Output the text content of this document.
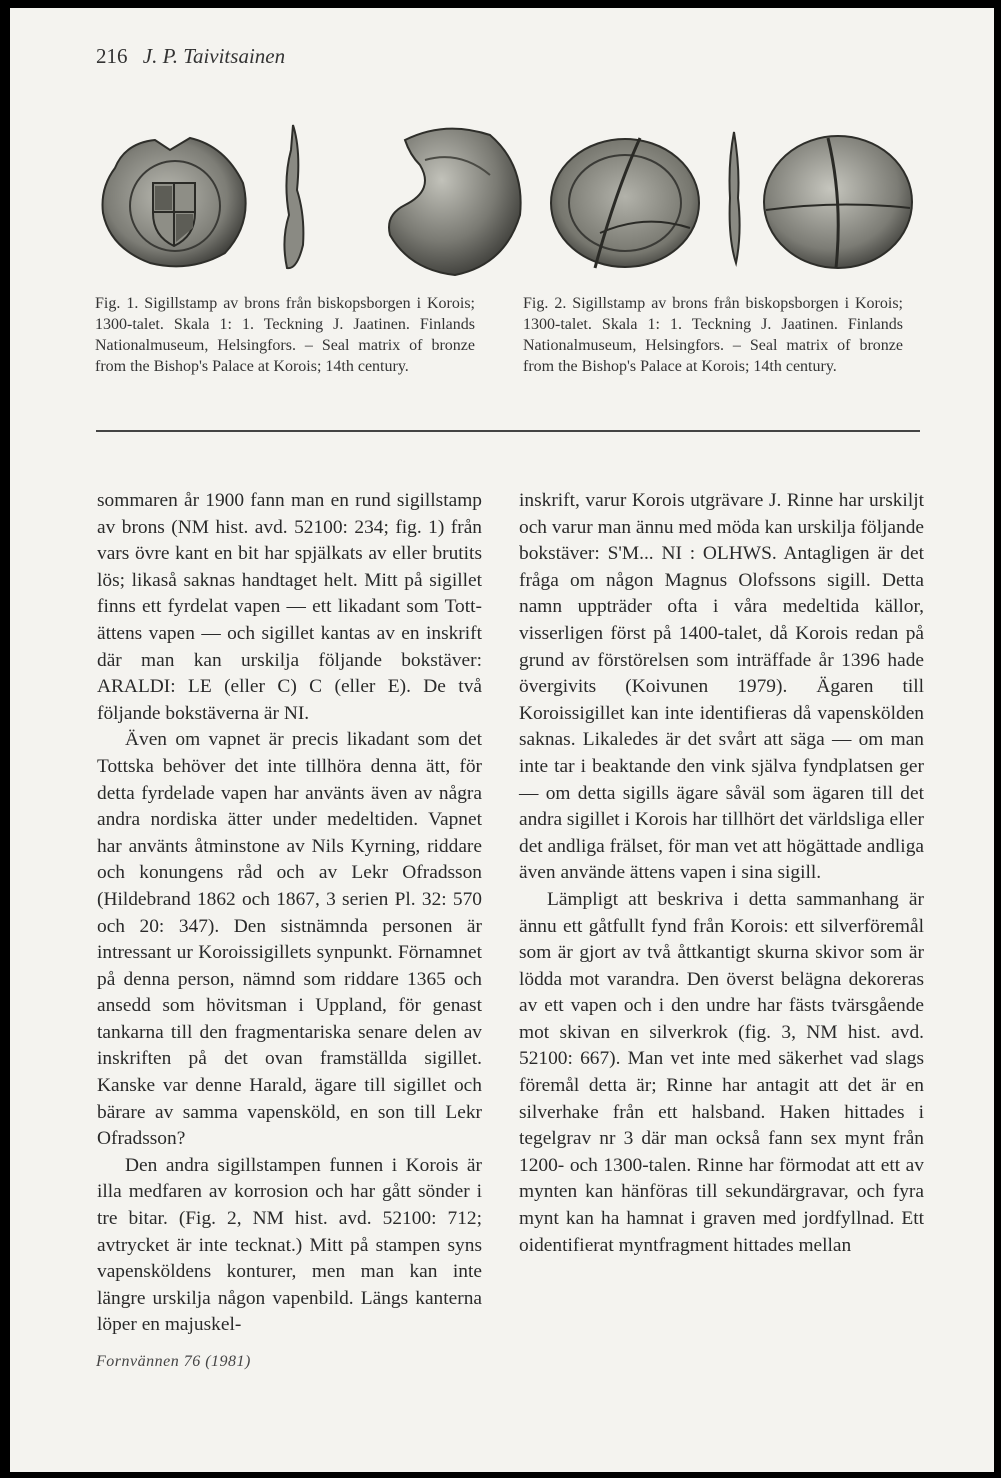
216 J. P. Taivitsainen
Fig. 1. Sigillstamp av brons från biskopsborgen i Korois; 1300-talet. Skala 1: 1. Teckning J. Jaatinen. Finlands Nationalmuseum, Helsingfors. – Seal matrix of bronze from the Bishop's Palace at Korois; 14th century.
Fig. 2. Sigillstamp av brons från biskopsborgen i Korois; 1300-talet. Skala 1: 1. Teckning J. Jaatinen. Finlands Nationalmuseum, Helsingfors. – Seal matrix of bronze from the Bishop's Palace at Korois; 14th century.

sommaren år 1900 fann man en rund sigillstamp av brons (NM hist. avd. 52100: 234; fig. 1) från vars övre kant en bit har spjälkats av eller brutits lös; likaså saknas handtaget helt. Mitt på sigillet finns ett fyrdelat vapen — ett likadant som Tott-ättens vapen — och sigillet kantas av en inskrift där man kan urskilja följande bokstäver: ARALDI: LE (eller C) C (eller E). De två följande bokstäverna är NI.

Även om vapnet är precis likadant som det Tottska behöver det inte tillhöra denna ätt, för detta fyrdelade vapen har använts även av några andra nordiska ätter under medeltiden. Vapnet har använts åtminstone av Nils Kyrning, riddare och konungens råd och av Lekr Ofradsson (Hildebrand 1862 och 1867, 3 serien Pl. 32: 570 och 20: 347). Den sistnämnda personen är intressant ur Koroissigillets synpunkt. Förnamnet på denna person, nämnd som riddare 1365 och ansedd som hövitsman i Uppland, för genast tankarna till den fragmentariska senare delen av inskriften på det ovan framställda sigillet. Kanske var denne Harald, ägare till sigillet och bärare av samma vapensköld, en son till Lekr Ofradsson?

Den andra sigillstampen funnen i Korois är illa medfaren av korrosion och har gått sönder i tre bitar. (Fig. 2, NM hist. avd. 52100: 712; avtrycket är inte tecknat.) Mitt på stampen syns vapensköldens konturer, men man kan inte längre urskilja någon vapenbild. Längs kanterna löper en majuskel-

inskrift, varur Korois utgrävare J. Rinne har urskiljt och varur man ännu med möda kan urskilja följande bokstäver: S'M... NI : OLHWS. Antagligen är det fråga om någon Magnus Olofssons sigill. Detta namn uppträder ofta i våra medeltida källor, visserligen först på 1400-talet, då Korois redan på grund av förstörelsen som inträffade år 1396 hade övergivits (Koivunen 1979). Ägaren till Koroissigillet kan inte identifieras då vapenskölden saknas. Likaledes är det svårt att säga — om man inte tar i beaktande den vink själva fyndplatsen ger — om detta sigills ägare såväl som ägaren till det andra sigillet i Korois har tillhört det världsliga eller det andliga frälset, för man vet att högättade andliga även använde ättens vapen i sina sigill.

Lämpligt att beskriva i detta sammanhang är ännu ett gåtfullt fynd från Korois: ett silverföremål som är gjort av två åttkantigt skurna skivor som är lödda mot varandra. Den överst belägna dekoreras av ett vapen och i den undre har fästs tvärsgående mot skivan en silverkrok (fig. 3, NM hist. avd. 52100: 667). Man vet inte med säkerhet vad slags föremål detta är; Rinne har antagit att det är en silverhake från ett halsband. Haken hittades i tegelgrav nr 3 där man också fann sex mynt från 1200- och 1300-talen. Rinne har förmodat att ett av mynten kan hänföras till sekundärgravar, och fyra mynt kan ha hamnat i graven med jordfyllnad. Ett oidentifierat myntfragment hittades mellan

Fornvännen 76 (1981)
